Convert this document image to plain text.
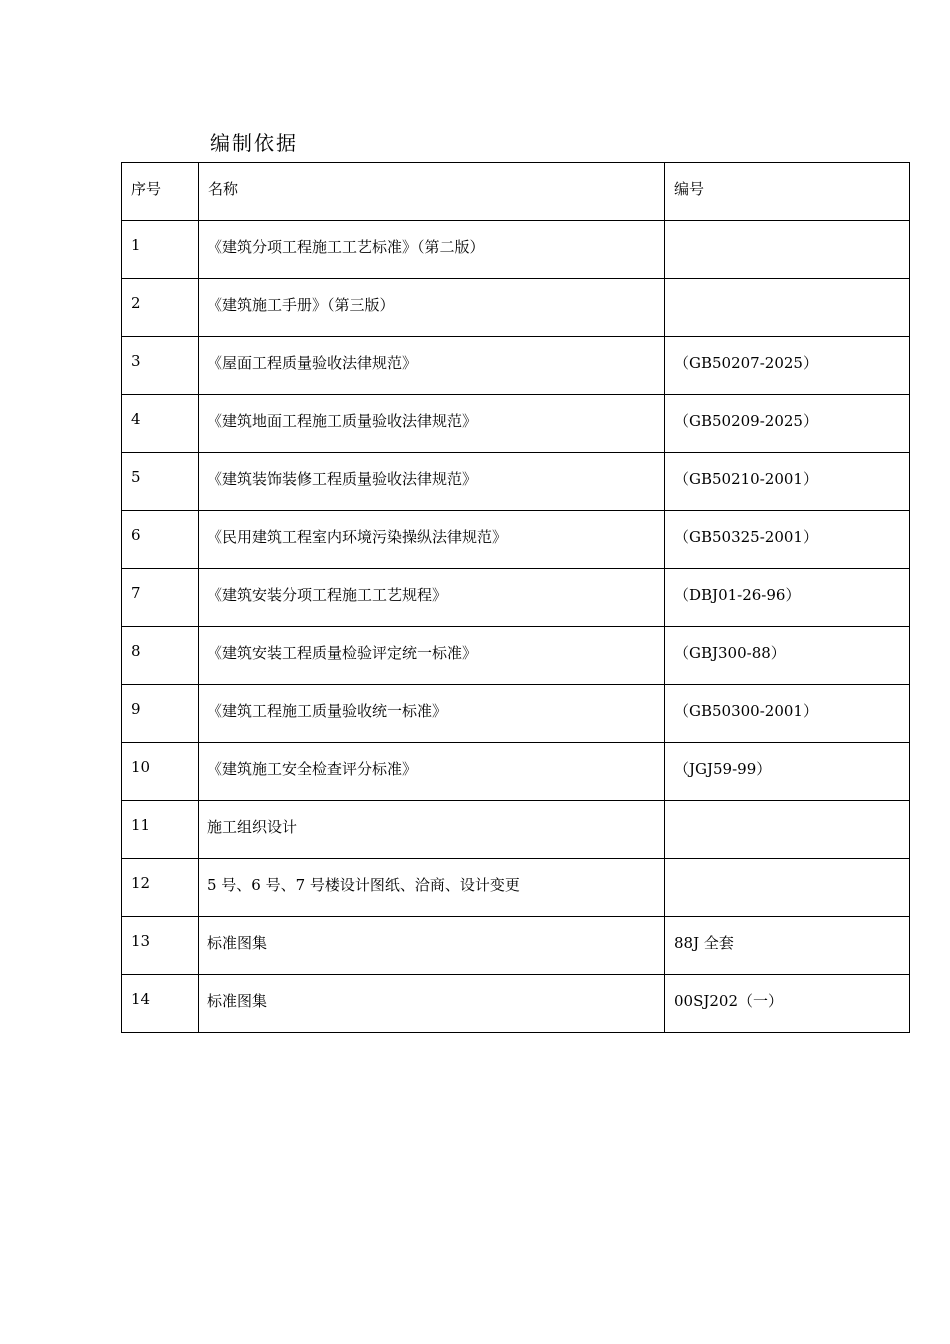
编制依据
序号	名称	编号
1	《建筑分项工程施工工艺标准》（第二版）	
2	《建筑施工手册》（第三版）	
3	《屋面工程质量验收法律规范》	（GB50207-2025）
4	《建筑地面工程施工质量验收法律规范》	（GB50209-2025）
5	《建筑装饰装修工程质量验收法律规范》	（GB50210-2001）
6	《民用建筑工程室内环境污染操纵法律规范》	（GB50325-2001）
7	《建筑安装分项工程施工工艺规程》	（DBJ01-26-96）
8	《建筑安装工程质量检验评定统一标准》	（GBJ300-88）
9	《建筑工程施工质量验收统一标准》	（GB50300-2001）
10	《建筑施工安全检查评分标准》	（JGJ59-99）
11	施工组织设计	
12	5 号、6 号、7 号楼设计图纸、洽商、设计变更	
13	标准图集	88J 全套
14	标准图集	00SJ202（一）
